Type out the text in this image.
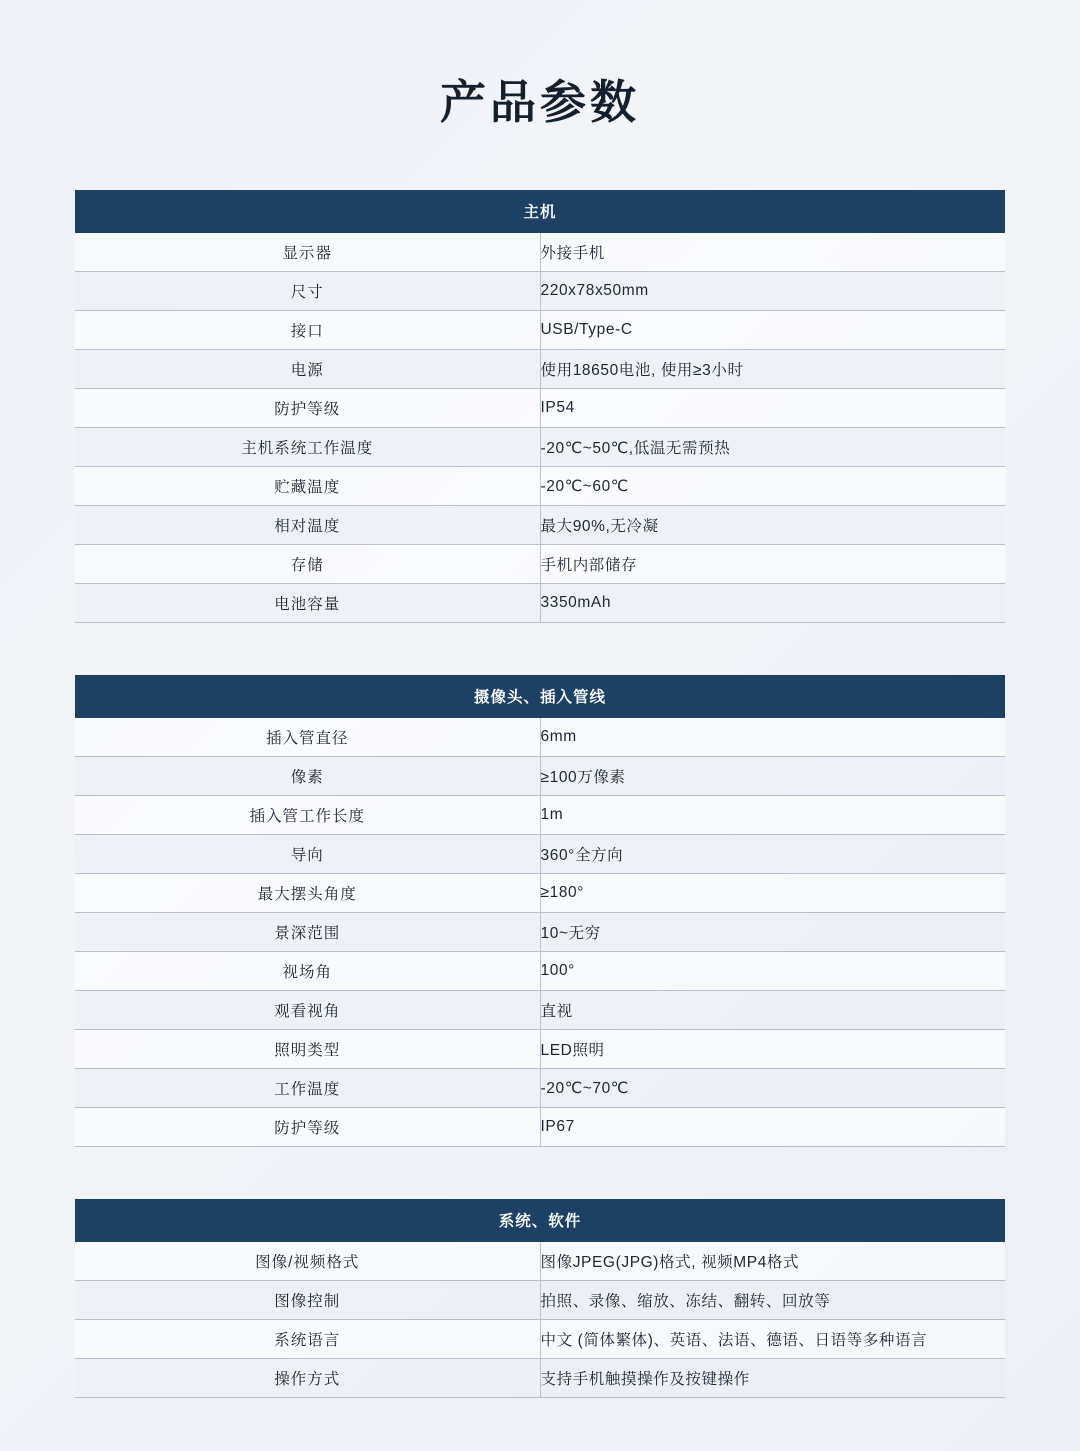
产品参数
主机	
显示器	外接手机
尺寸	220x78x50mm
接口	USB/Type-C
电源	使用18650电池, 使用≥3小时
防护等级	IP54
主机系统工作温度	-20℃~50℃,低温无需预热
贮藏温度	-20℃~60℃
相对温度	最大90%,无冷凝
存储	手机内部储存
电池容量	3350mAh
摄像头、插入管线	
插入管直径	6mm
像素	≥100万像素
插入管工作长度	1m
导向	360°全方向
最大摆头角度	≥180°
景深范围	10~无穷
视场角	100°
观看视角	直视
照明类型	LED照明
工作温度	-20℃~70℃
防护等级	IP67
系统、软件	
图像/视频格式	图像JPEG(JPG)格式, 视频MP4格式
图像控制	拍照、录像、缩放、冻结、翻转、回放等
系统语言	中文 (简体繁体)、英语、法语、德语、日语等多种语言
操作方式	支持手机触摸操作及按键操作
